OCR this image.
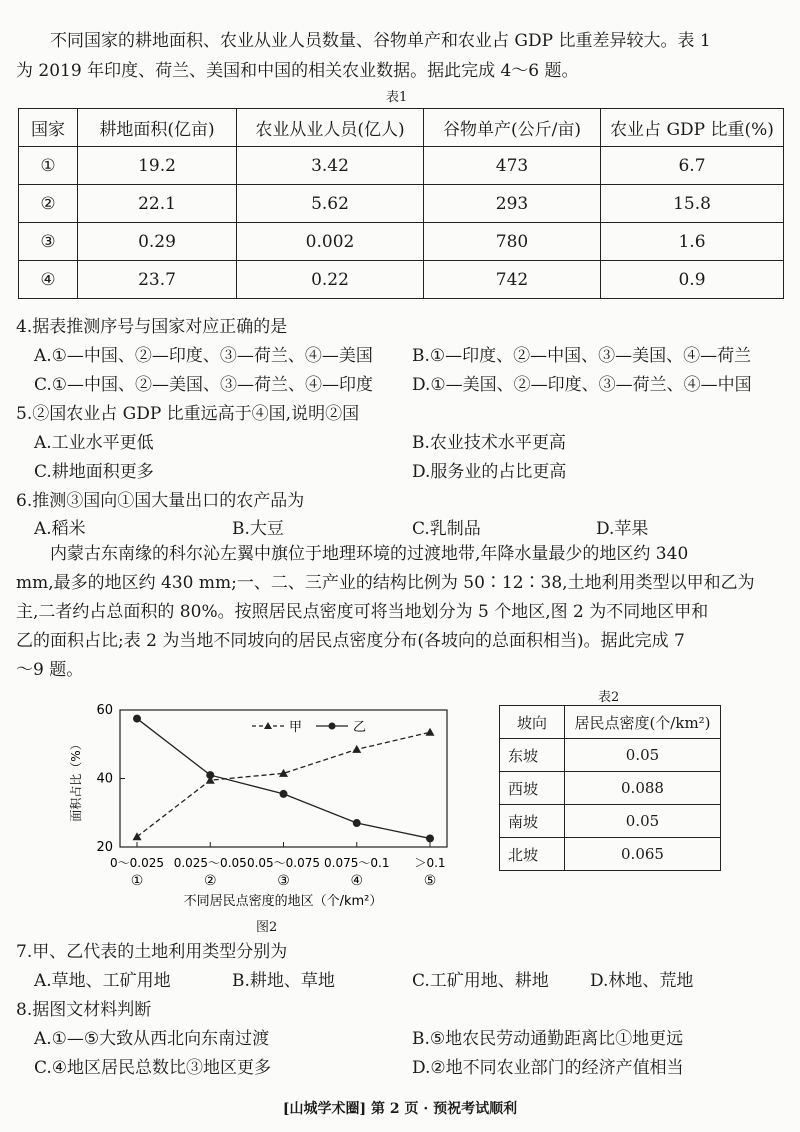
不同国家的耕地面积、农业从业人员数量、谷物单产和农业占 GDP 比重差异较大。表 1
为 2019 年印度、荷兰、美国和中国的相关农业数据。据此完成 4～6 题。
表1
国家	耕地面积(亿亩)	农业从业人员(亿人)	谷物单产(公斤/亩)	农业占 GDP 比重(%)
①	19.2	3.42	473	6.7
②	22.1	5.62	293	15.8
③	0.29	0.002	780	1.6
④	23.7	0.22	742	0.9
4.据表推测序号与国家对应正确的是
A.①—中国、②—印度、③—荷兰、④—美国 B.①—印度、②—中国、③—美国、④—荷兰
C.①—中国、②—美国、③—荷兰、④—印度 D.①—美国、②—印度、③—荷兰、④—中国
5.②国农业占 GDP 比重远高于④国,说明②国
A.工业水平更低	B.农业技术水平更高
C.耕地面积更多	D.服务业的占比更高
6.推测③国向①国大量出口的农产品为
A.稻米	B.大豆	C.乳制品	D.苹果
内蒙古东南缘的科尔沁左翼中旗位于地理环境的过渡地带,年降水量最少的地区约 340
mm,最多的地区约 430 mm;一、二、三产业的结构比例为 50∶12∶38,土地利用类型以甲和乙为
主,二者约占总面积的 80%。按照居民点密度可将当地划分为 5 个地区,图 2 为不同地区甲和
乙的面积占比;表 2 为当地不同坡向的居民点密度分布(各坡向的总面积相当)。据此完成 7
～9 题。
20
40
60
0～0.025
①
0.025～0.05
②
0.05～0.075
③
0.075～0.1
④
＞0.1
⑤
面积占比（%）
不同居民点密度的地区（个/km²）
甲	乙
图2
表2
坡向	居民点密度(个/km²)
东坡	0.05
西坡	0.088
南坡	0.05
北坡	0.065
7.甲、乙代表的土地利用类型分别为
A.草地、工矿用地	B.耕地、草地	C.工矿用地、耕地 D.林地、荒地
8.据图文材料判断
A.①—⑤大致从西北向东南过渡	B.⑤地农民劳动通勤距离比①地更远
C.④地区居民总数比③地区更多	D.②地不同农业部门的经济产值相当
[山城学术圈] 第 2 页 · 预祝考试顺利
